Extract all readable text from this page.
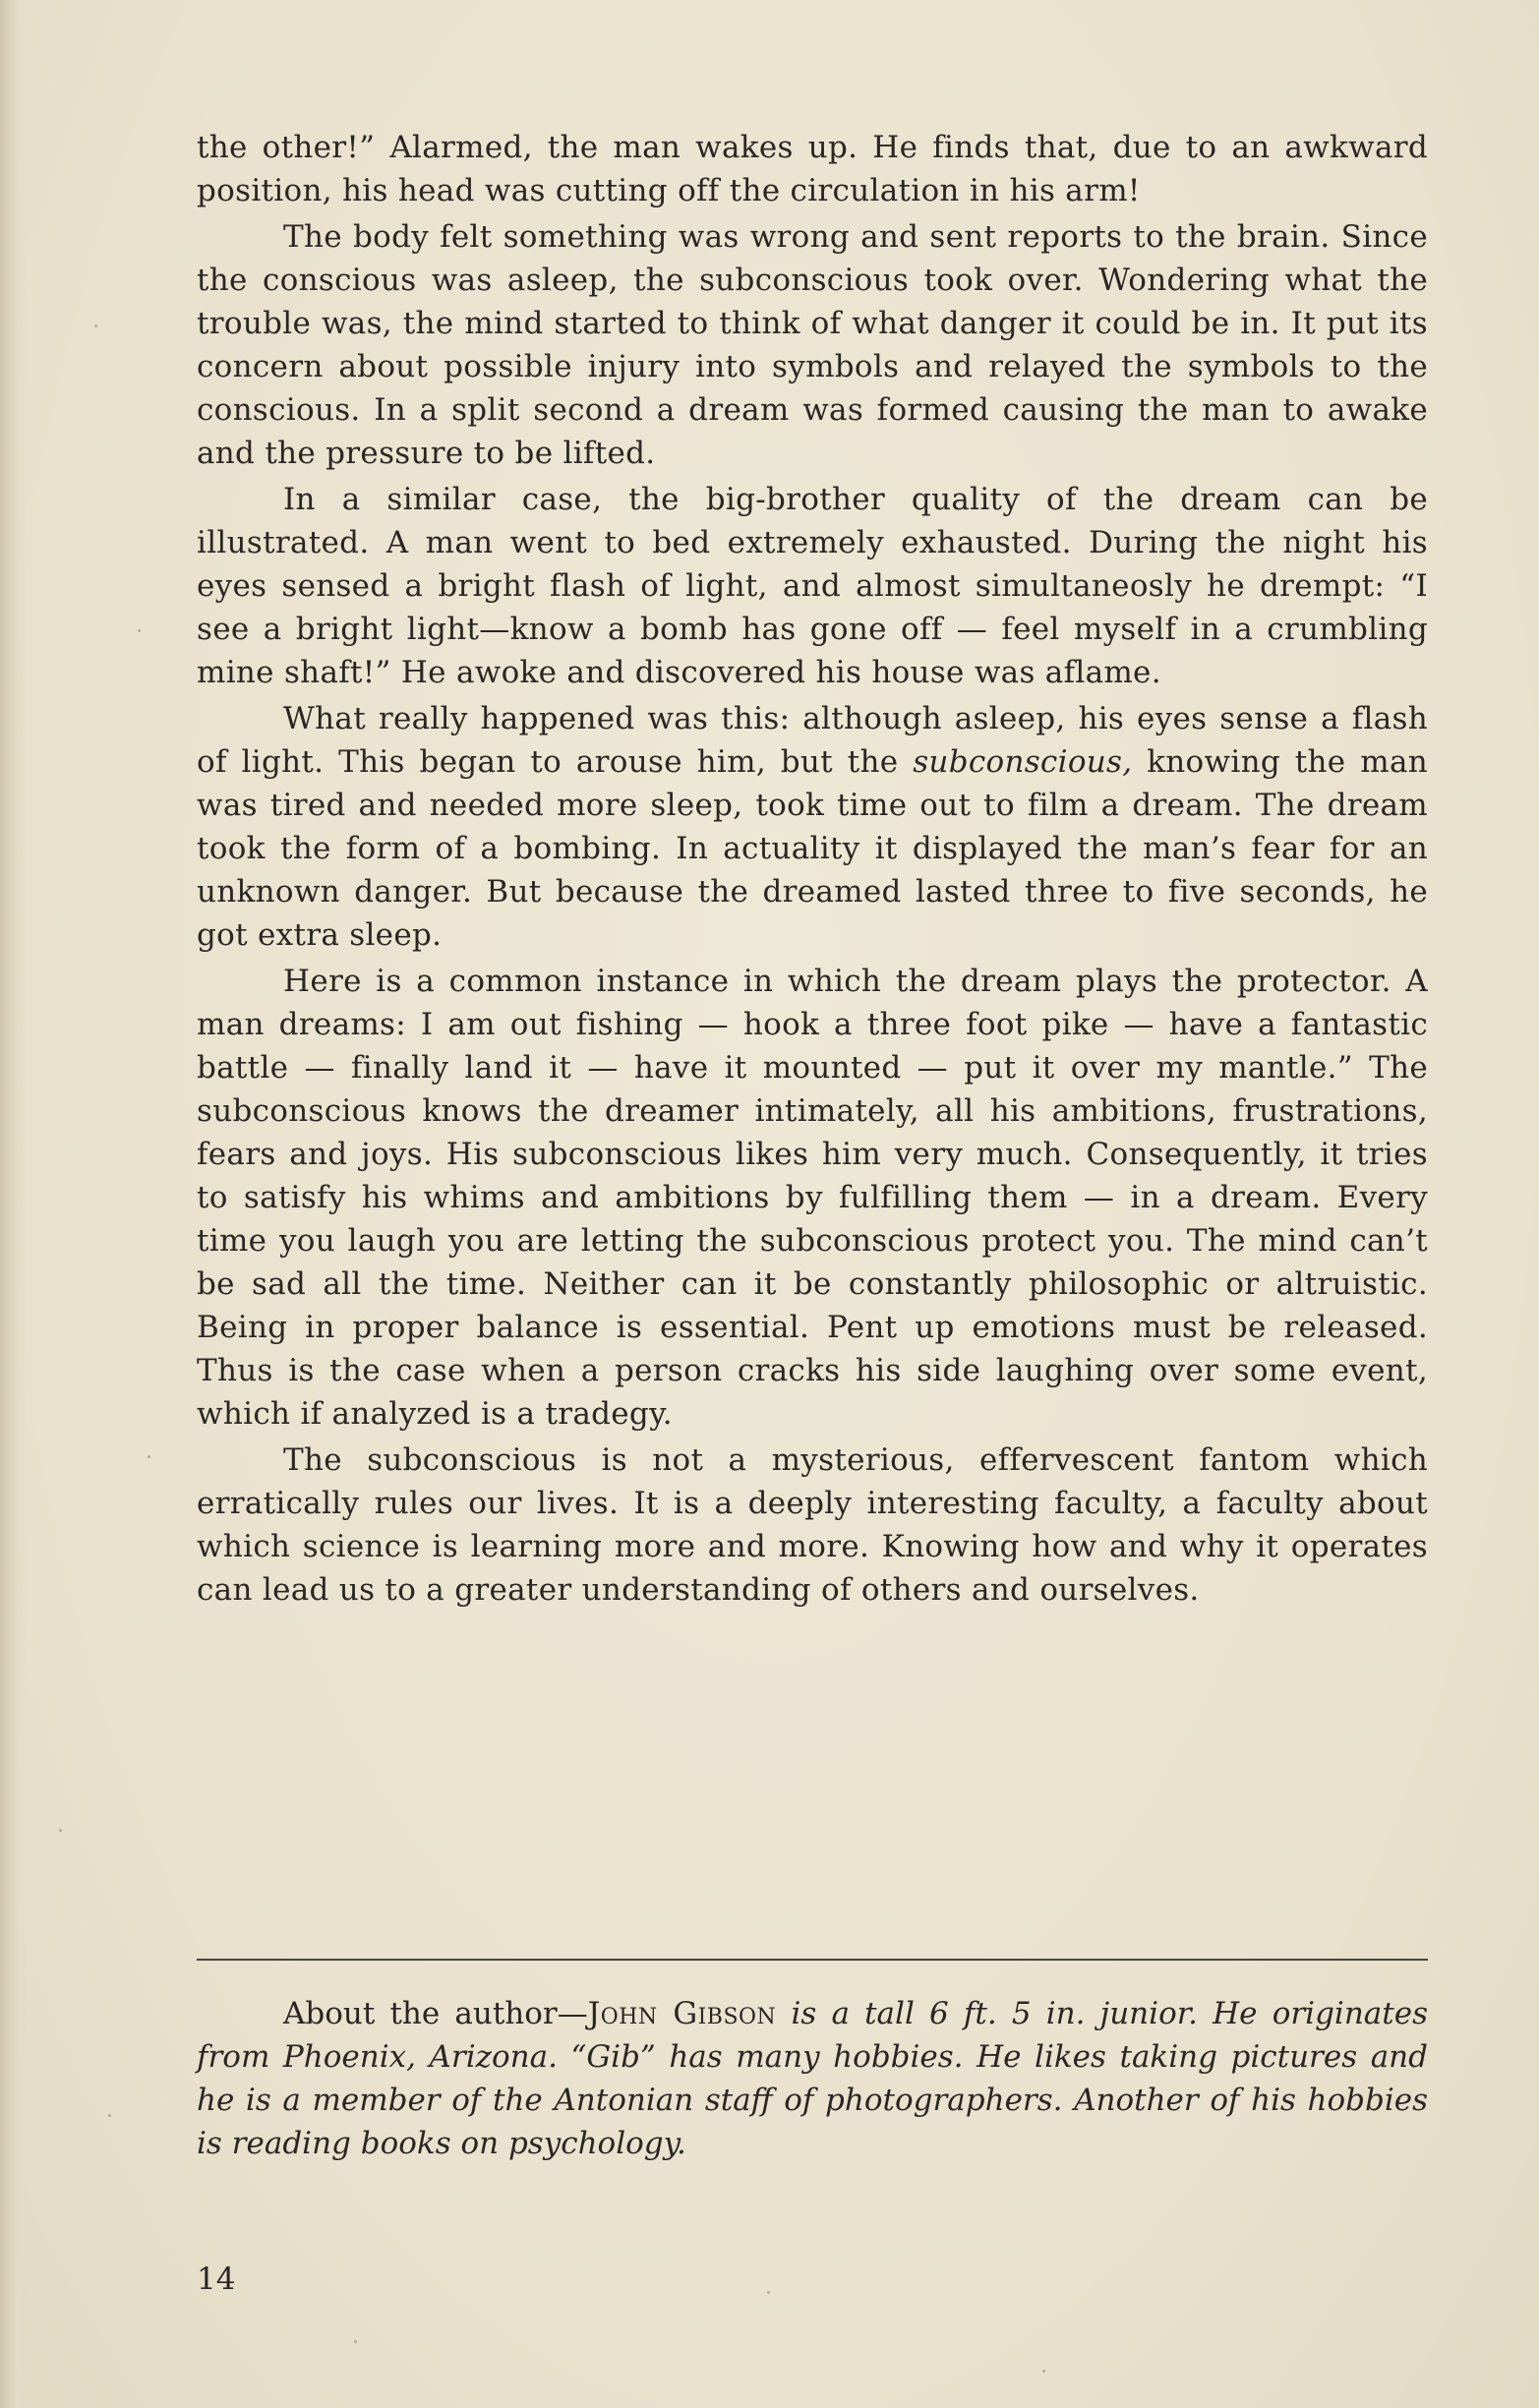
the other!” Alarmed, the man wakes up. He finds that, due to an awkward position, his head was cutting off the circulation in his arm!

The body felt something was wrong and sent reports to the brain. Since the conscious was asleep, the subconscious took over. Wondering what the trouble was, the mind started to think of what danger it could be in. It put its concern about possible injury into symbols and relayed the symbols to the conscious. In a split second a dream was formed causing the man to awake and the pressure to be lifted.

In a similar case, the big-brother quality of the dream can be illustrated. A man went to bed extremely exhausted. During the night his eyes sensed a bright flash of light, and almost simultaneosly he drempt: “I see a bright light—know a bomb has gone off — feel myself in a crumbling mine shaft!” He awoke and discovered his house was aflame.

What really happened was this: although asleep, his eyes sense a flash of light. This began to arouse him, but the subconscious, knowing the man was tired and needed more sleep, took time out to film a dream. The dream took the form of a bombing. In actuality it displayed the man’s fear for an unknown danger. But because the dreamed lasted three to five seconds, he got extra sleep.

Here is a common instance in which the dream plays the protector. A man dreams: I am out fishing — hook a three foot pike — have a fantastic battle — finally land it — have it mounted — put it over my mantle.” The subconscious knows the dreamer intimately, all his ambitions, frustrations, fears and joys. His subconscious likes him very much. Consequently, it tries to satisfy his whims and ambitions by fulfilling them — in a dream. Every time you laugh you are letting the subconscious protect you. The mind can’t be sad all the time. Neither can it be constantly philosophic or altruistic. Being in proper balance is essential. Pent up emotions must be released. Thus is the case when a person cracks his side laughing over some event, which if analyzed is a tradegy.

The subconscious is not a mysterious, effervescent fantom which erratically rules our lives. It is a deeply interesting faculty, a faculty about which science is learning more and more. Knowing how and why it operates can lead us to a greater understanding of others and ourselves.

About the author—John Gibson is a tall 6 ft. 5 in. junior. He originates from Phoenix, Arizona. “Gib” has many hobbies. He likes taking pictures and he is a member of the Antonian staff of photographers. Another of his hobbies is reading books on psychology.
14
